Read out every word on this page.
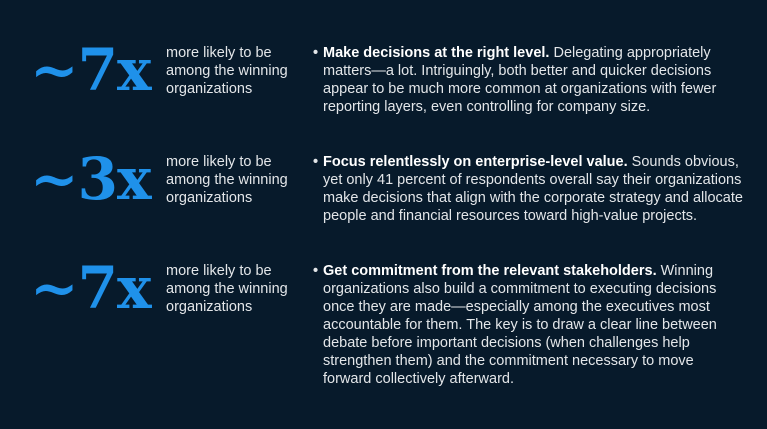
~7x more likely to be among the winning organizations
• Make decisions at the right level. Delegating appropriately matters—a lot. Intriguingly, both better and quicker decisions appear to be much more common at organizations with fewer reporting layers, even controlling for company size.
~3x more likely to be among the winning organizations
• Focus relentlessly on enterprise-level value. Sounds obvious, yet only 41 percent of respondents overall say their organizations make decisions that align with the corporate strategy and allocate people and financial resources toward high-value projects.
~7x more likely to be among the winning organizations
• Get commitment from the relevant stakeholders. Winning organizations also build a commitment to executing decisions once they are made—especially among the executives most accountable for them. The key is to draw a clear line between debate before important decisions (when challenges help strengthen them) and the commitment necessary to move forward collectively afterward.
